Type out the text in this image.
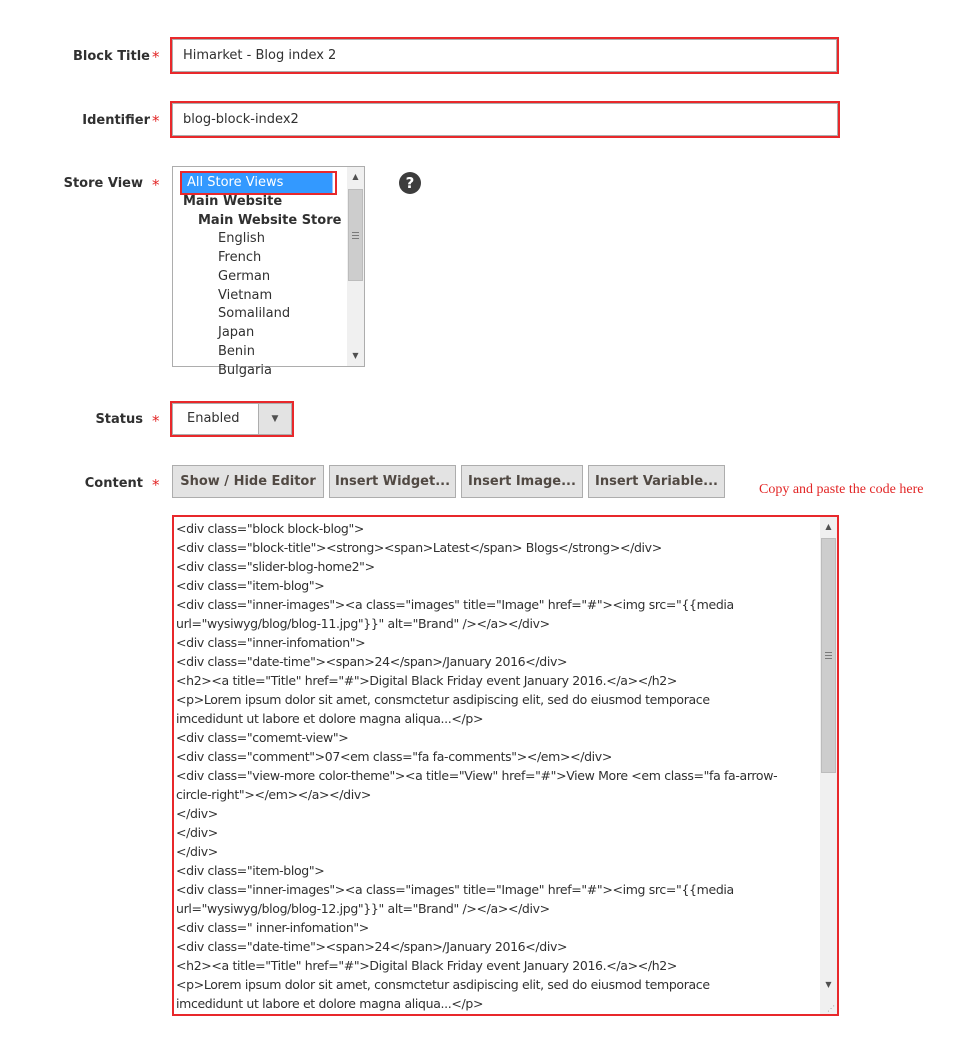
Block Title *
Himarket - Blog index 2
Identifier *
blog-block-index2
Store View *	All Store Views
Main Website
Main Website Store
English
French
German
Vietnam
Somaliland
Japan
Benin
Bulgaria
▲
▼
?
Status * Enabled	▼
Content *	Show / Hide Editor	Insert Widget...	Insert Image...	Insert Variable...
Copy and paste the code here
<div class="block block-blog">
<div class="block-title"><strong><span>Latest</span> Blogs</strong></div>
<div class="slider-blog-home2">
<div class="item-blog">
<div class="inner-images"><a class="images" title="Image" href="#"><img src="{{media
url="wysiwyg/blog/blog-11.jpg"}}" alt="Brand" /></a></div>
<div class="inner-infomation">
<div class="date-time"><span>24</span>/January 2016</div>
<h2><a title="Title" href="#">Digital Black Friday event January 2016.</a></h2>
<p>Lorem ipsum dolor sit amet, consmctetur asdipiscing elit, sed do eiusmod temporace
imcedidunt ut labore et dolore magna aliqua...</p>
<div class="comemt-view">
<div class="comment">07<em class="fa fa-comments"></em></div>
<div class="view-more color-theme"><a title="View" href="#">View More <em class="fa fa-arrow-
circle-right"></em></a></div>
</div>
</div>
</div>
<div class="item-blog">
<div class="inner-images"><a class="images" title="Image" href="#"><img src="{{media
url="wysiwyg/blog/blog-12.jpg"}}" alt="Brand" /></a></div>
<div class=" inner-infomation">
<div class="date-time"><span>24</span>/January 2016</div>
<h2><a title="Title" href="#">Digital Black Friday event January 2016.</a></h2>
<p>Lorem ipsum dolor sit amet, consmctetur asdipiscing elit, sed do eiusmod temporace
imcedidunt ut labore et dolore magna aliqua...</p>
▲
▼
⋰
